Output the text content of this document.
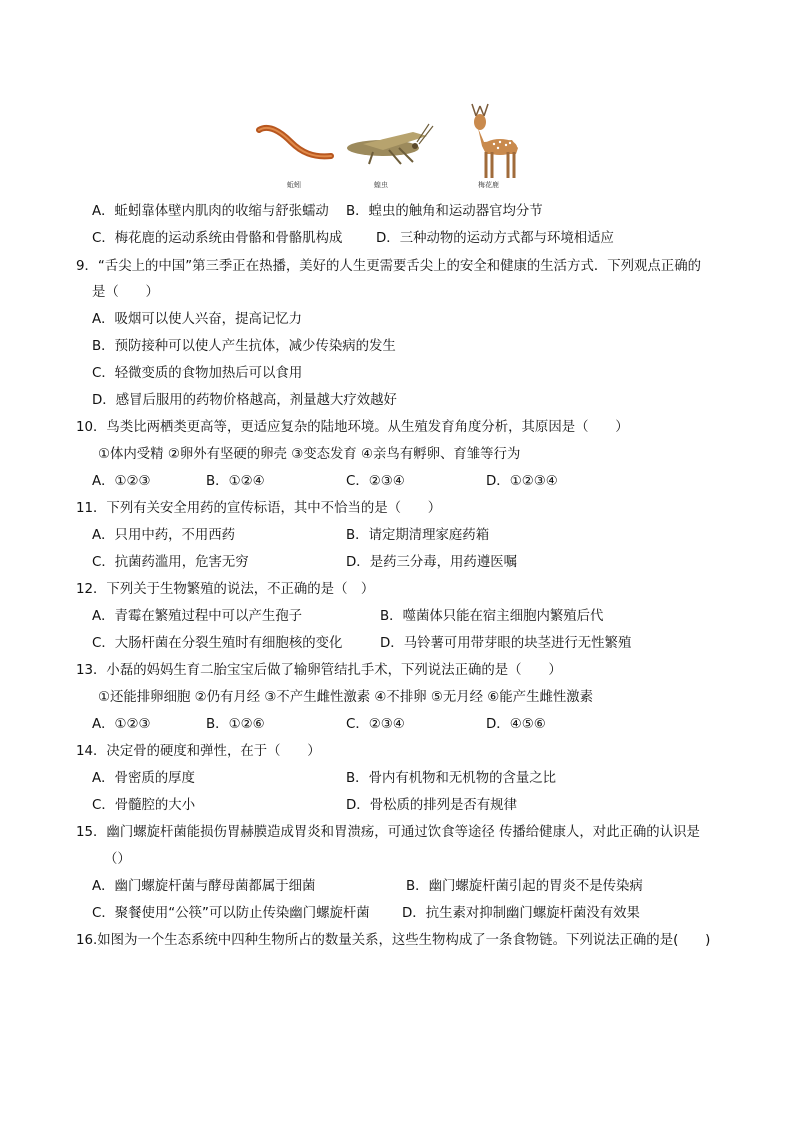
蚯蚓	蝗虫	梅花鹿
A．蚯蚓靠体壁内肌肉的收缩与舒张蠕动 B．蝗虫的触角和运动器官均分节
C．梅花鹿的运动系统由骨骼和骨骼肌构成	D．三种动物的运动方式都与环境相适应
9．“舌尖上的中国”第三季正在热播，美好的人生更需要舌尖上的安全和健康的生活方式．下列观点正确的
是（　　）
A．吸烟可以使人兴奋，提高记忆力
B．预防接种可以使人产生抗体，减少传染病的发生
C．轻微变质的食物加热后可以食用
D．感冒后服用的药物价格越高，剂量越大疗效越好
10．鸟类比两栖类更高等，更适应复杂的陆地环境。从生殖发育角度分析，其原因是（　　）
①体内受精 ②卵外有坚硬的卵壳 ③变态发育 ④亲鸟有孵卵、育雏等行为
A．①②③	B．①②④	C．②③④	D．①②③④
11．下列有关安全用药的宣传标语，其中不恰当的是（　　）
A．只用中药，不用西药	B．请定期清理家庭药箱
C．抗菌药滥用，危害无穷	D．是药三分毒，用药遵医嘱
12．下列关于生物繁殖的说法，不正确的是（　）
A．青霉在繁殖过程中可以产生孢子	B．噬菌体只能在宿主细胞内繁殖后代
C．大肠杆菌在分裂生殖时有细胞核的变化	D．马铃薯可用带芽眼的块茎进行无性繁殖
13．小磊的妈妈生育二胎宝宝后做了输卵管结扎手术，下列说法正确的是（　　）
①还能排卵细胞 ②仍有月经 ③不产生雌性激素 ④不排卵 ⑤无月经 ⑥能产生雌性激素
A．①②③	B．①②⑥	C．②③④	D．④⑤⑥
14．决定骨的硬度和弹性，在于（　　）
A．骨密质的厚度	B．骨内有机物和无机物的含量之比
C．骨髓腔的大小	D．骨松质的排列是否有规律
15．幽门螺旋杆菌能损伤胃赫膜造成胃炎和胃溃疡，可通过饮食等途径 传播给健康人，对此正确的认识是
（）
A．幽门螺旋杆菌与酵母菌都属于细菌	B．幽门螺旋杆菌引起的胃炎不是传染病
C．聚餐使用“公筷”可以防止传染幽门螺旋杆菌 D．抗生素对抑制幽门螺旋杆菌没有效果
16.如图为一个生态系统中四种生物所占的数量关系，这些生物构成了一条食物链。下列说法正确的是(　　)
